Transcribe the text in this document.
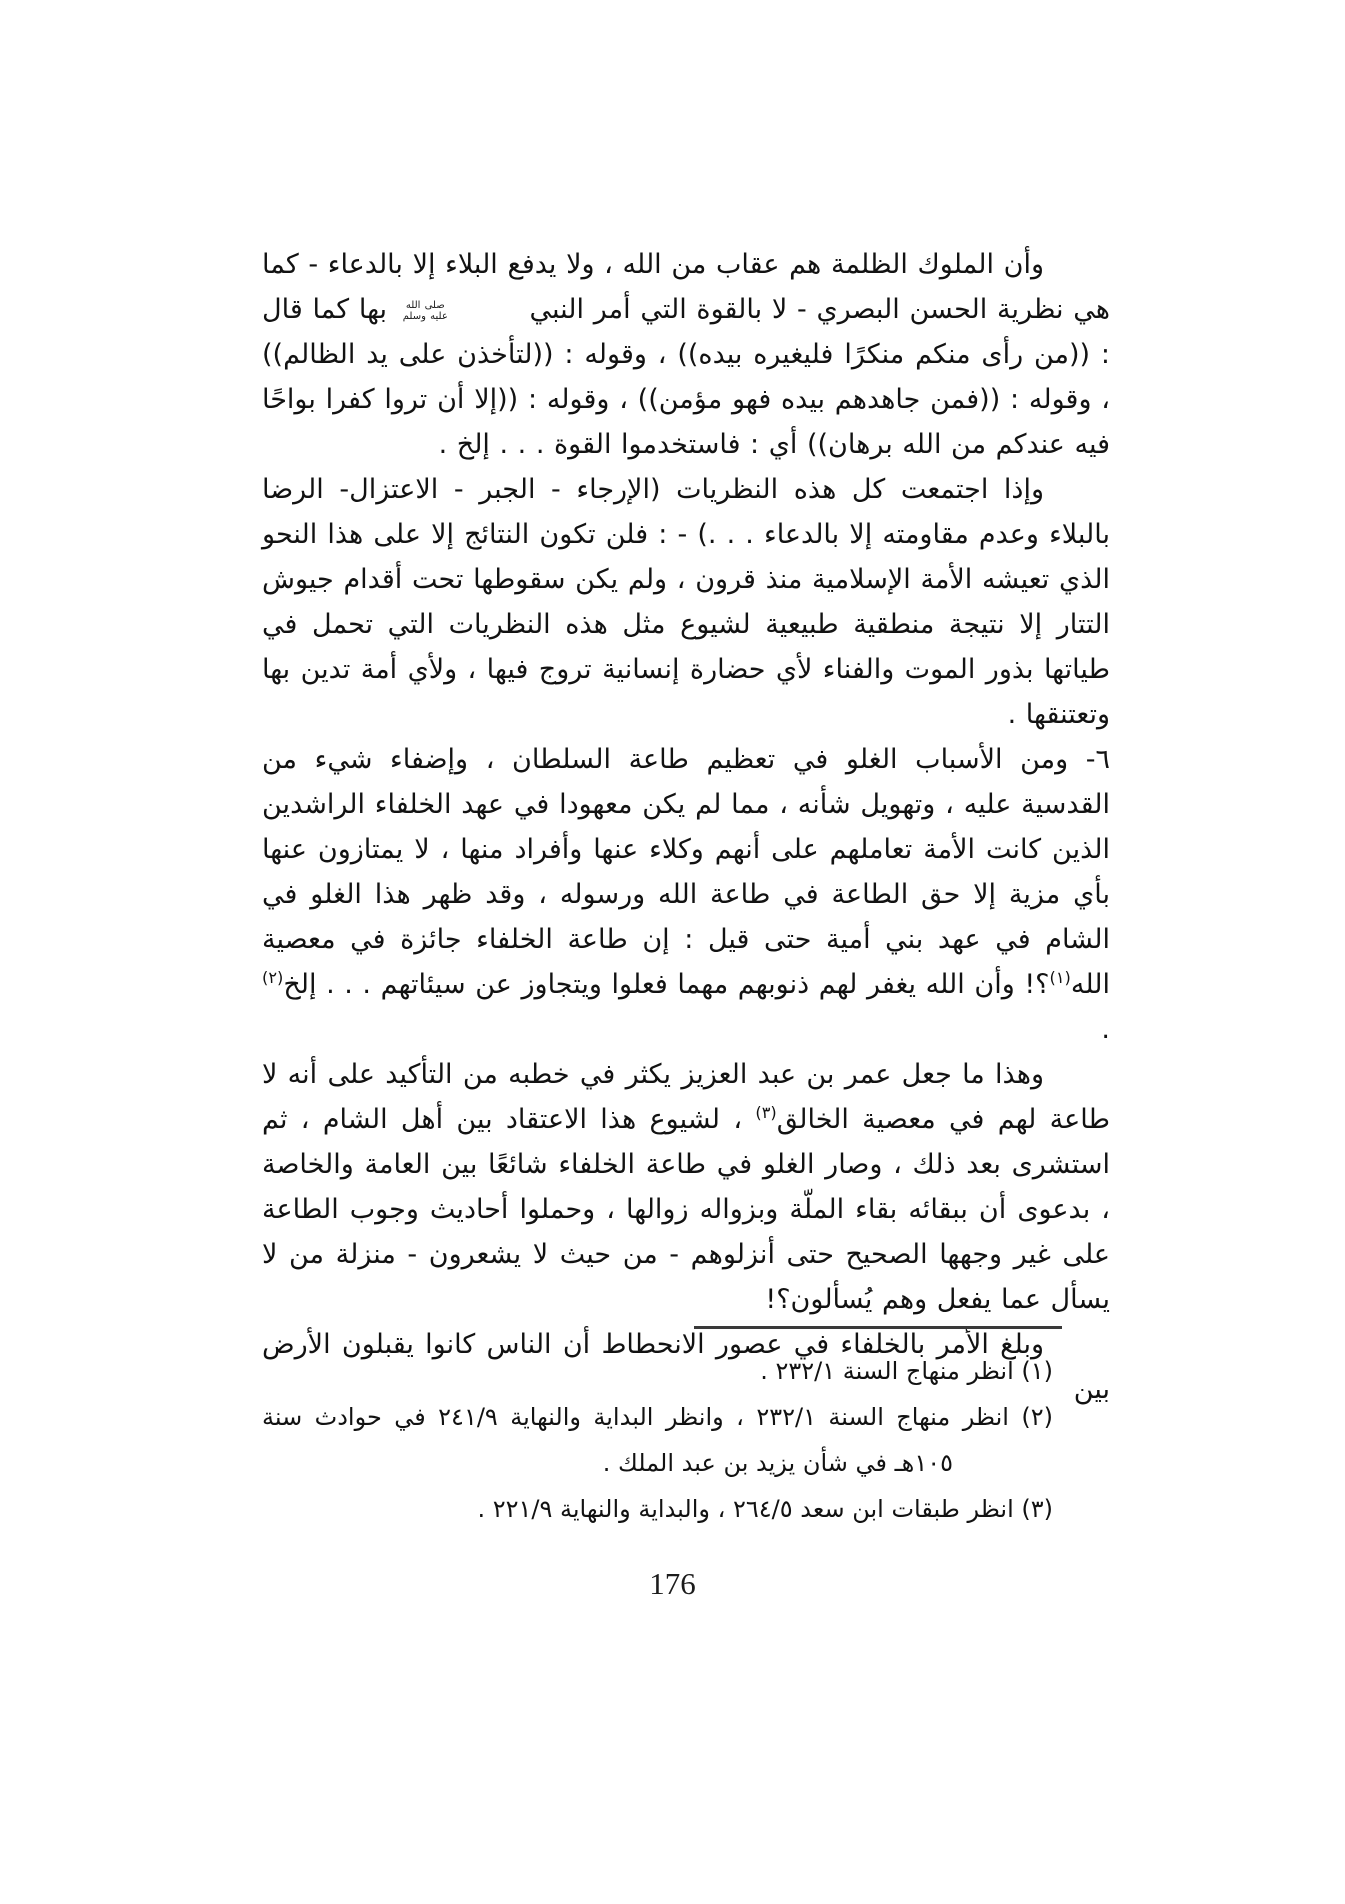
وأن الملوك الظلمة هم عقاب من الله ، ولا يدفع البلاء إلا بالدعاء - كما هي نظرية الحسن البصري - لا بالقوة التي أمر النبي
صلى الله
عليه وسلم
بها كما قال : ((من رأى منكم منكرًا فليغيره بيده)) ، وقوله : ((لتأخذن على يد الظالم)) ، وقوله : ((فمن جاهدهم بيده فهو مؤمن)) ، وقوله : ((إلا أن تروا كفرا بواحًا فيه عندكم من الله برهان)) أي : فاستخدموا القوة . . . إلخ .

وإذا اجتمعت كل هذه النظريات (الإرجاء - الجبر - الاعتزال- الرضا بالبلاء وعدم مقاومته إلا بالدعاء . . .) - : فلن تكون النتائج إلا على هذا النحو الذي تعيشه الأمة الإسلامية منذ قرون ، ولم يكن سقوطها تحت أقدام جيوش التتار إلا نتيجة منطقية طبيعية لشيوع مثل هذه النظريات التي تحمل في طياتها بذور الموت والفناء لأي حضارة إنسانية تروج فيها ، ولأي أمة تدين بها وتعتنقها .

٦- ومن الأسباب الغلو في تعظيم طاعة السلطان ، وإضفاء شيء من القدسية عليه ، وتهويل شأنه ، مما لم يكن معهودا في عهد الخلفاء الراشدين الذين كانت الأمة تعاملهم على أنهم وكلاء عنها وأفراد منها ، لا يمتازون عنها بأي مزية إلا حق الطاعة في طاعة الله ورسوله ، وقد ظهر هذا الغلو في الشام في عهد بني أمية حتى قيل : إن طاعة الخلفاء جائزة في معصية الله$^{(١)}$؟! وأن الله يغفر لهم ذنوبهم مهما فعلوا ويتجاوز عن سيئاتهم . . . إلخ$^{(٢)}$ .

وهذا ما جعل عمر بن عبد العزيز يكثر في خطبه من التأكيد على أنه لا طاعة لهم في معصية الخالق$^{(٣)}$ ، لشيوع هذا الاعتقاد بين أهل الشام ، ثم استشرى بعد ذلك ، وصار الغلو في طاعة الخلفاء شائعًا بين العامة والخاصة ، بدعوى أن ببقائه بقاء الملّة وبزواله زوالها ، وحملوا أحاديث وجوب الطاعة على غير وجهها الصحيح حتى أنزلوهم - من حيث لا يشعرون - منزلة من لا يسأل عما يفعل وهم يُسألون؟!

وبلغ الأمر بالخلفاء في عصور الانحطاط أن الناس كانوا يقبلون الأرض بين

(١) انظر منهاج السنة ٢٣٢/١ .

(٢) انظر منهاج السنة ٢٣٢/١ ، وانظر البداية والنهاية ٢٤١/٩ في حوادث سنة ١٠٥هـ في شأن يزيد بن عبد الملك .

(٣) انظر طبقات ابن سعد ٢٦٤/٥ ، والبداية والنهاية ٢٢١/٩ .

176
